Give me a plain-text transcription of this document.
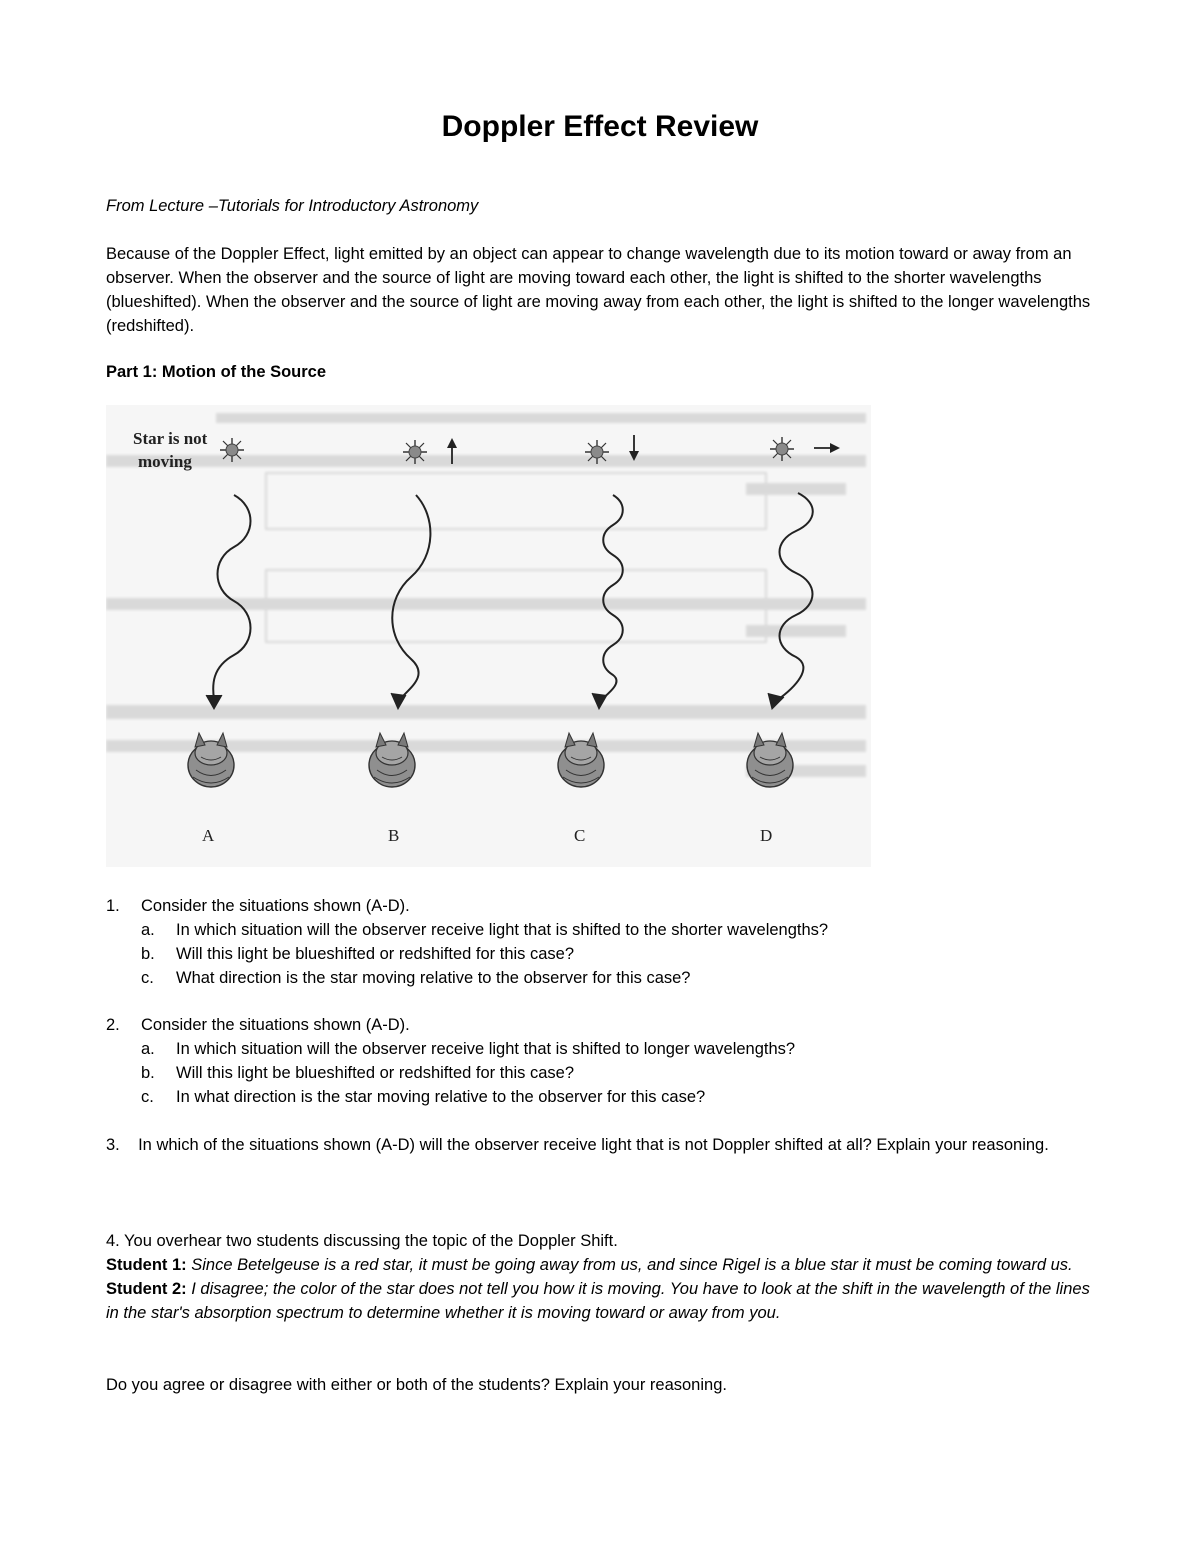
Doppler Effect Review

From Lecture –Tutorials for Introductory Astronomy

Because of the Doppler Effect, light emitted by an object can appear to change wavelength due to its motion toward or away from an observer. When the observer and the source of light are moving toward each other, the light is shifted to the shorter wavelengths (blueshifted). When the observer and the source of light are moving away from each other, the light is shifted to the longer wavelengths (redshifted).

Part 1: Motion of the Source

Star is not
moving
A	B	C	D
1. Consider the situations shown (A-D).
a. In which situation will the observer receive light that is shifted to the shorter wavelengths?
b. Will this light be blueshifted or redshifted for this case?
c. What direction is the star moving relative to the observer for this case?
2. Consider the situations shown (A-D).
a. In which situation will the observer receive light that is shifted to longer wavelengths?
b. Will this light be blueshifted or redshifted for this case?
c. In what direction is the star moving relative to the observer for this case?

3.    In which of the situations shown (A-D) will the observer receive light that is not Doppler shifted at all? Explain your reasoning.

4. You overhear two students discussing the topic of the Doppler Shift.
Student 1: Since Betelgeuse is a red star, it must be going away from us, and since Rigel is a blue star it must be coming toward us.
Student 2: I disagree; the color of the star does not tell you how it is moving. You have to look at the shift in the wavelength of the lines in the star's absorption spectrum to determine whether it is moving toward or away from you.

Do you agree or disagree with either or both of the students? Explain your reasoning.
